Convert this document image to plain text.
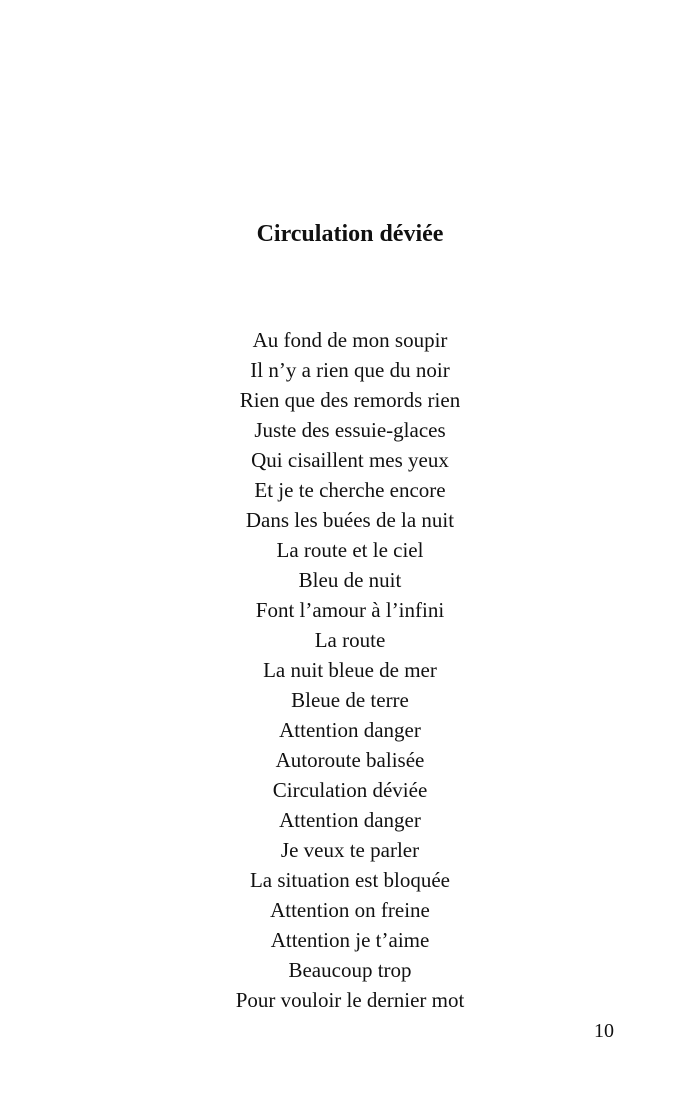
Circulation déviée
Au fond de mon soupir
Il n’y a rien que du noir
Rien que des remords rien
Juste des essuie-glaces
Qui cisaillent mes yeux
Et je te cherche encore
Dans les buées de la nuit
La route et le ciel
Bleu de nuit
Font l’amour à l’infini
La route
La nuit bleue de mer
Bleue de terre
Attention danger
Autoroute balisée
Circulation déviée
Attention danger
Je veux te parler
La situation est bloquée
Attention on freine
Attention je t’aime
Beaucoup trop
Pour vouloir le dernier mot
10
